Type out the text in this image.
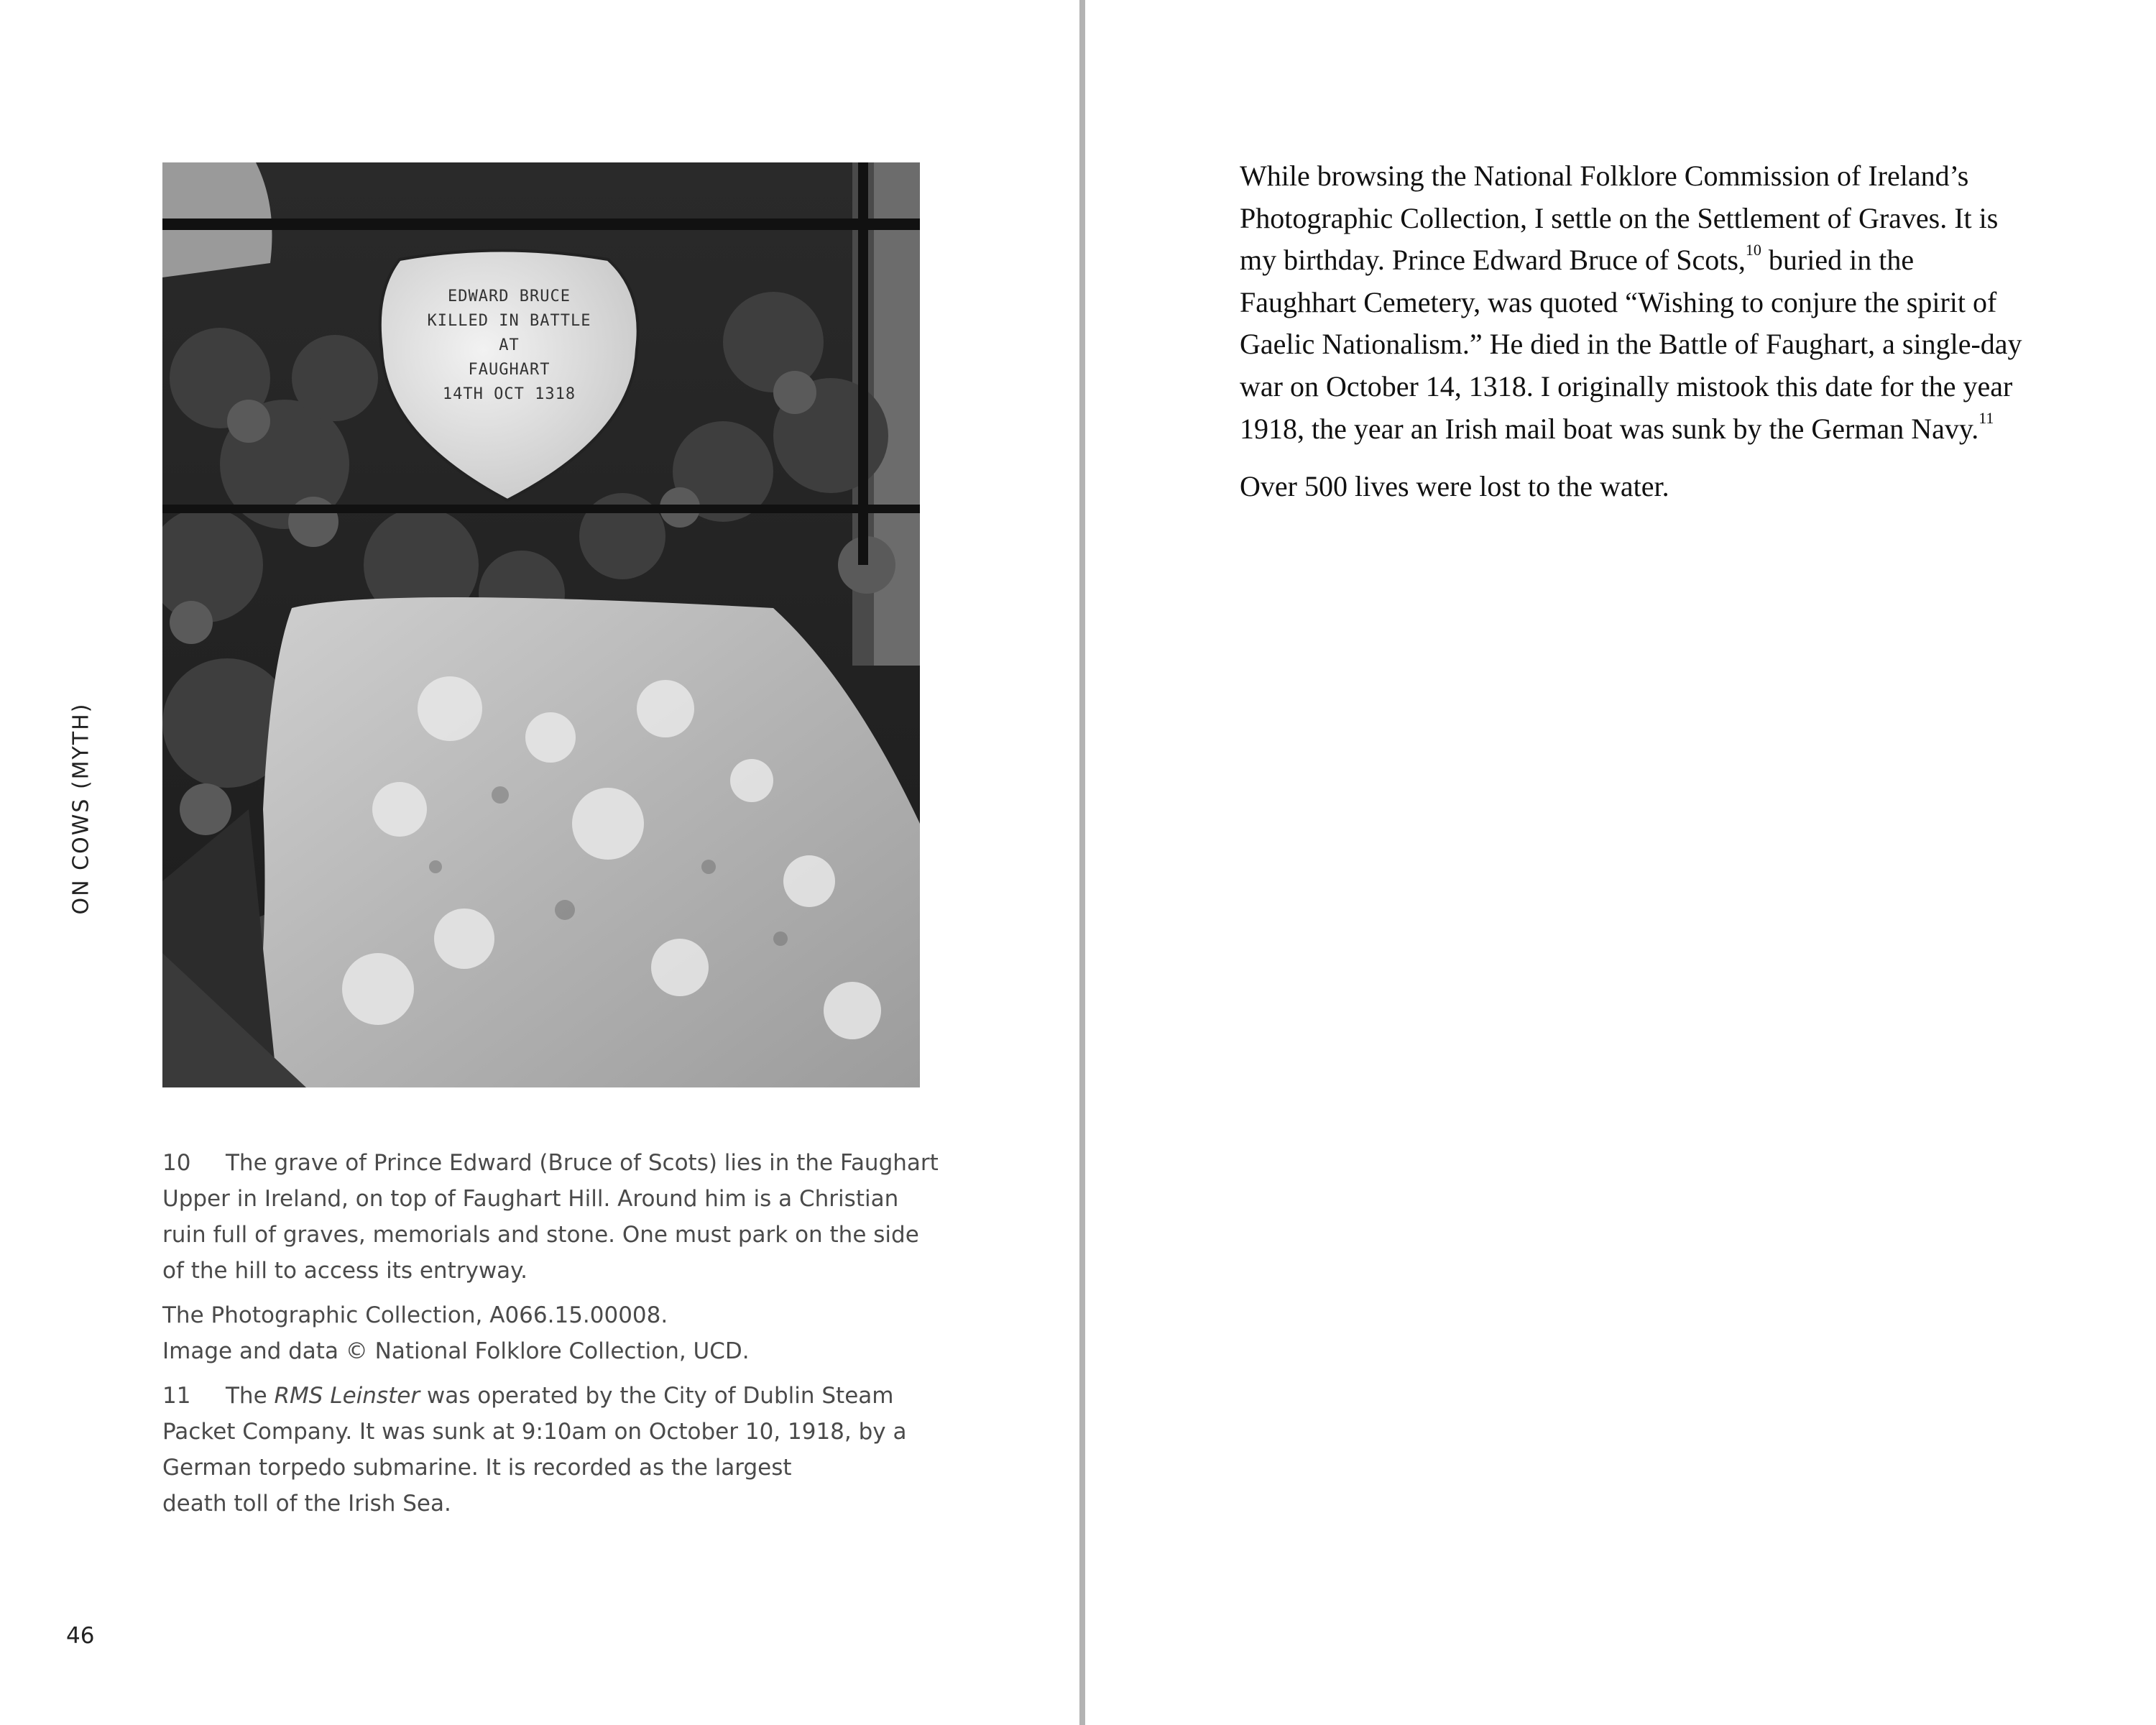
ON COWS (MYTH)
EDWARD BRUCE
KILLED IN BATTLE
AT
FAUGHART
14TH OCT 1318

10 The grave of Prince Edward (Bruce of Scots) lies in the Faughart Upper in Ireland, on top of Faughart Hill. Around him is a Christian ruin full of graves, memorials and stone. One must park on the side of the hill to access its entryway.

The Photographic Collection, A066.15.00008.
Image and data © National Folklore Collection, UCD.

11 The RMS Leinster was operated by the City of Dublin Steam
Packet Company. It was sunk at 9:10am on October 10, 1918, by a
German torpedo submarine. It is recorded as the largest
death toll of the Irish Sea.

46

While browsing the National Folklore Commission of Ireland’s Photographic Collection, I settle on the Settlement of Graves. It is my birthday. Prince Edward Bruce of Scots,$^{10}$ buried in the Faughhart Cemetery, was quoted “Wishing to conjure the spirit of Gaelic Nationalism.” He died in the Battle of Faughart, a single-day war on October 14, 1318. I originally mistook this date for the year 1918, the year an Irish mail boat was sunk by the German Navy.$^{11}$

Over 500 lives were lost to the water.
